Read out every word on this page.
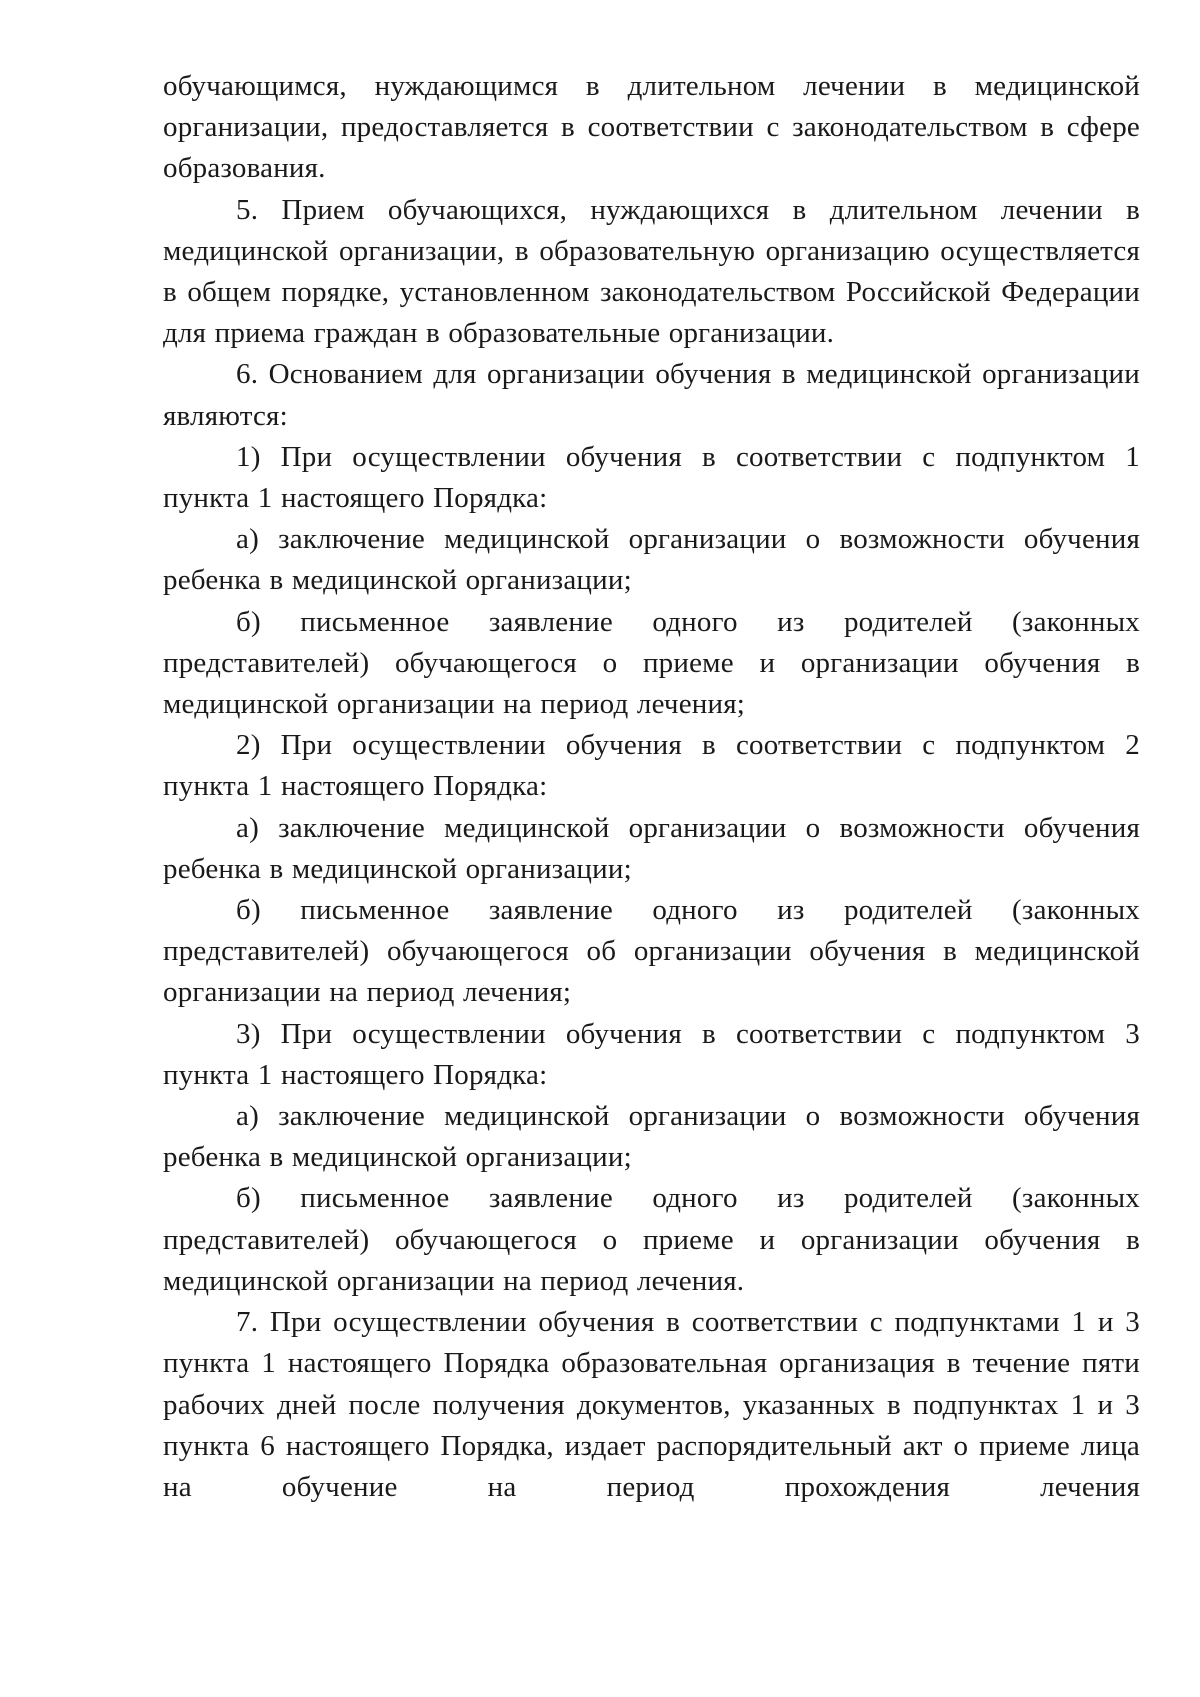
обучающимся, нуждающимся в длительном лечении в медицинской организации, предоставляется в соответствии с законодательством в сфере образования.

5. Прием обучающихся, нуждающихся в длительном лечении в медицинской организации, в образовательную организацию осуществляется в общем порядке, установленном законодательством Российской Федерации для приема граждан в образовательные организации.

6. Основанием для организации обучения в медицинской организации являются:

1) При осуществлении обучения в соответствии с подпунктом 1 пункта 1 настоящего Порядка:

а) заключение медицинской организации о возможности обучения ребенка в медицинской организации;

б) письменное заявление одного из родителей (законных представителей) обучающегося о приеме и организации обучения в медицинской организации на период лечения;

2) При осуществлении обучения в соответствии с подпунктом 2 пункта 1 настоящего Порядка:

а) заключение медицинской организации о возможности обучения ребенка в медицинской организации;

б) письменное заявление одного из родителей (законных представителей) обучающегося об организации обучения в медицинской организации на период лечения;

3) При осуществлении обучения в соответствии с подпунктом 3 пункта 1 настоящего Порядка:

а) заключение медицинской организации о возможности обучения ребенка в медицинской организации;

б) письменное заявление одного из родителей (законных представителей) обучающегося о приеме и организации обучения в медицинской организации на период лечения.

7. При осуществлении обучения в соответствии с подпунктами 1 и 3 пункта 1 настоящего Порядка образовательная организация в течение пяти рабочих дней после получения документов, указанных в подпунктах 1 и 3 пункта 6 настоящего Порядка, издает распорядительный акт о приеме лица на обучение на период прохождения лечения
